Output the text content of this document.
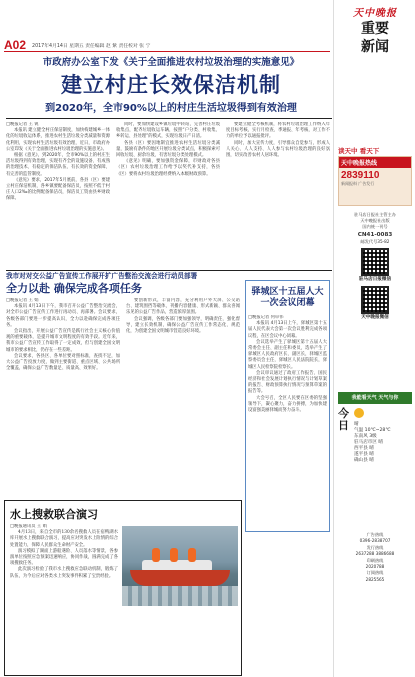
A02 2017年4月14日 星期五 责任编辑 赵 紫 责任校对 张 宁
市政府办公室下发《关于全面推进农村垃圾治理的实施意见》
建立村庄长效保洁机制
到2020年，全市90%以上的村庄生活垃圾得到有效治理
□晚报记者 王 锐

本报讯 建立健全村庄保洁制度，加快构建城乡一体化的垃圾收运体系，推进农村生活垃圾分类减量和资源化利用，实现农村生活垃圾有效治理，近日，市政府办公室印发《关于全面推进农村垃圾治理的实施意见》。

根据《意见》，到2020年，全市90%以上的村庄生活垃圾得到有效治理，实现有齐全的设施设备、有成熟的治理技术、有稳定的保洁队伍、有长效的资金保障、有完善的监管制度。

《意见》要求，2017年5月底前，各县（区）要建立村庄保洁机制，各乡镇要配备保洁员，按照不低于村庄人口2‰的比例配备保洁员，保洁员工资由县乡财政保障。

同时，要加快建设乡镇垃圾中转站，完善村庄垃圾收集点，配齐垃圾收运车辆，按照“户分类、村收集、乡转运、县处理”的模式，实现垃圾日产日清。

各县（区）要因地制宜推进农村生活垃圾分类减量，鼓励有条件的地区开展垃圾分类试点，积极探索可回收垃圾、厨余垃圾、有害垃圾分类处理模式。

《意见》明确，要加强资金保障，市财政对各县（区）农村垃圾治理工作给予以奖代补支持，各县（区）要将农村垃圾治理经费纳入本级财政预算。

要建立健全考核机制，将农村垃圾治理工作纳入年度目标考核，实行月检查、季通报、年考核，对工作不力的单位予以通报批评。

同时，加大宣传力度，引导群众自觉参与，形成人人关心、人人支持、人人参与农村垃圾治理的良好氛围，切实改善农村人居环境。

我市对对交公益广告宣传工作展开扩广告整治交流会进行动员部署
全力以赴 确保完成各项任务
□晚报记者 王 娟

本报讯 4月13日下午，我市召开公益广告整治交流会，对全市公益广告宣传工作进行再动员、再部署。会议要求，各级各部门要进一步提高认识，全力以赴确保完成各项任务。

会议指出，开展公益广告宣传是践行社会主义核心价值观的重要载体，是提升城市文明程度的有效手段。近年来，我市公益广告宣传工作取得了一定成效，但与创建全国文明城市的要求相比，仍存在一些差距。

会议要求，各县区、各单位要对照标准，查找不足，加大公益广告投放力度，做到主要街道、重点区域、公共场所全覆盖，确保公益广告数量足、质量高、效果好。

要创新形式，丰富内容，充分利用户外大屏、公交站台、建筑围挡等载体，刊播内容健康、形式新颖、群众喜闻乐见的公益广告作品，营造浓厚氛围。

会议强调，各级各部门要加强领导，明确责任，强化督导，建立长效机制，确保公益广告宣传工作常态化、规范化，为创建全国文明城市营造良好环境。

驿城区十五届人大一次会议闭幕
□晚报记者 何卓伟

本报讯 4月13日上午，驿城区第十五届人民代表大会第一次会议胜利完成各项议程，在区会议中心闭幕。

会议选举产生了驿城区第十五届人大常委会主任、副主任和委员，选举产生了驿城区人民政府区长、副区长，驿城区监察委员会主任，驿城区人民法院院长，驿城区人民检察院检察长。

会议审议通过了政府工作报告、国民经济和社会发展计划执行情况与计划草案的报告、财政预算执行情况与预算草案的报告等。

大会号召，全区人民要在区委的坚强领导下，凝心聚力，奋力拼搏，为加快建设富强美丽驿城而努力奋斗。

水上搜救联合演习
□晚报通讯员 王 娟

4月13日，来自全市的130余名搜救人员在宿鸭湖水库开展水上搜救联合演习，提高应对突发水上险情的综合处置能力，保障人民群众生命财产安全。

演习模拟了湖面上游船遇险、人员落水等情景，各参演单位按照应急预案迅速响应，协同作战，圆满完成了各项搜救任务。

此次演习检验了我市水上搜救应急联动机制，锻炼了队伍，为今后应对各类水上突发事件积累了宝贵经验。

天中晚报
重要
新闻
读天中 看天下
天中晚报热线
2839110
新闻报料 广告发行
驻马店日报社主管主办
天中晚报社出版
国内统一刊号
CN41-0083
邮发代号35-82
驻马店日报微信
天中晚报微信
我能看天气 天气与你
今日	晴
气温 10℃~28℃
东南风 3级
驻马店市区 晴
西平县 晴
遂平县 晴
确山县 晴
广告热线
0396-2838707
发行热线
2637288 3886688
印刷热线
2020788
订阅热线
2825565
